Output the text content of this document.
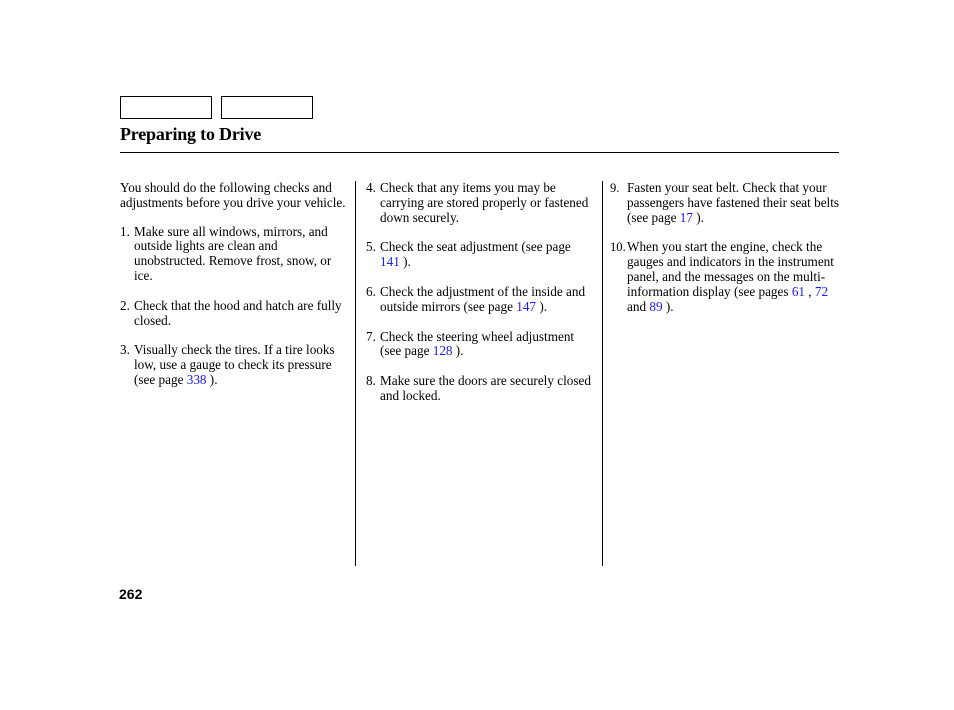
Preparing to Drive

You should do the following checks and adjustments before you drive your vehicle.

1. Make sure all windows, mirrors, and outside lights are clean and unobstructed. Remove frost, snow, or ice.
2. Check that the hood and hatch are fully closed.
3. Visually check the tires. If a tire looks low, use a gauge to check its pressure (see page 338 ).
4. Check that any items you may be carrying are stored properly or fastened down securely.
5. Check the seat adjustment (see page 141 ).
6. Check the adjustment of the inside and outside mirrors (see page 147 ).
7. Check the steering wheel adjustment (see page 128 ).
8. Make sure the doors are securely closed and locked.
9. Fasten your seat belt. Check that your passengers have fastened their seat belts (see page 17 ).
10. When you start the engine, check the gauges and indicators in the instrument panel, and the messages on the multi-information display (see pages 61 , 72 and 89 ).
262
